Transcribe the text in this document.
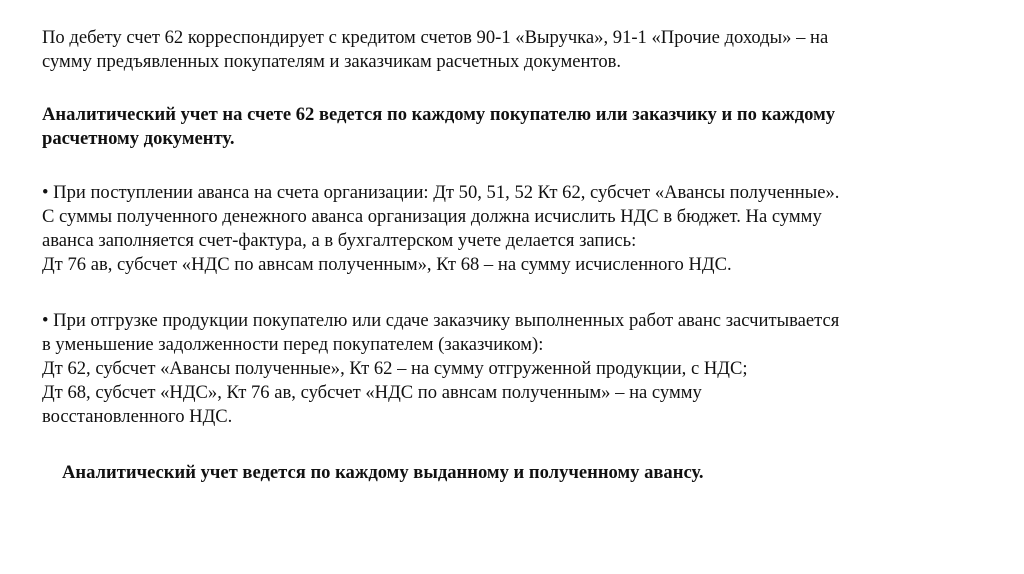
По дебету счет 62 корреспондирует с кредитом счетов 90-1 «Выручка», 91-1 «Прочие доходы» – на
сумму предъявленных покупателям и заказчикам расчетных документов.
Аналитический учет на счете 62 ведется по каждому покупателю или заказчику и по каждому
расчетному документу.
• При поступлении аванса на счета организации: Дт 50, 51, 52 Кт 62, субсчет «Авансы полученные».
С суммы полученного денежного аванса организация должна исчислить НДС в бюджет. На сумму
аванса заполняется счет-фактура, а в бухгалтерском учете делается запись:
Дт 76 ав, субсчет «НДС по авнсам полученным», Кт 68 – на сумму исчисленного НДС.
• При отгрузке продукции покупателю или сдаче заказчику выполненных работ аванс засчитывается
в уменьшение задолженности перед покупателем (заказчиком):
Дт 62, субсчет «Авансы полученные», Кт 62 – на сумму отгруженной продукции, с НДС;
Дт 68, субсчет «НДС», Кт 76 ав, субсчет «НДС по авнсам полученным» – на сумму
восстановленного НДС.
Аналитический учет ведется по каждому выданному и полученному авансу.
